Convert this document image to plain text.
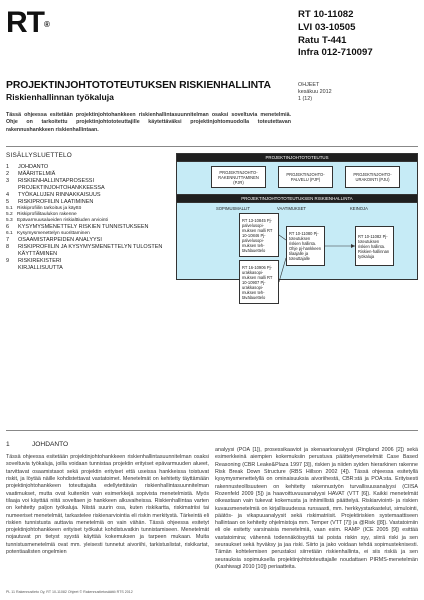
RT®
RT 10-11082
LVI 03-10505
Ratu T-441
Infra 012-710097
OHJEET
kesäkuu 2012
1 (12)
PROJEKTINJOHTOTOTEUTUKSEN RISKIENHALLINTA
Riskienhallinnan työkaluja
Tässä ohjeessa esitetään projektinjohtohankkeen riskienhallintasuunnitelman osaksi soveltuvia menetelmiä. Ohje on tarkoitettu projektinjohtototeuttajille käytettäväksi projektinjohtomuodolla toteutettavan rakennushankkeen riskienhallintaan.
SISÄLLYSLUETTELO
1	JOHDANTO
2	MÄÄRITELMIÄ
3	RISKIENHALLINTAPROSESSI
PROJEKTINJOHTOHANKKEESSA
4	TYÖKALUJEN RINNAKKAISUUS
5	RISKIPROFIILIN LAATIMINEN
5.1 Riskiprofiilin tarkoitus ja käyttö
5.2 Riskiprofiilitaulukon rakenne
5.3 Epävarmuusalueiden riskialttiuden arviointi
6	KYSYMYSMENETTELY RISKIEN TUNNISTUKSEEN
6.1 Kysymysmenettelyn suorittaminen
7	OSAAMISTARPEIDEN ANALYYSI
8	RISKIPROFIILIN JA KYSYMYSMENETTELYN TULOSTEN
KÄYTTÄMINEN
9	RISKIREKISTERI
KIRJALLISUUTTA
PROJEKTINJOHTOTOTEUTUS
PROJEKTINJOHTO-RAKENNUTTAMINEN (PJR)
PROJEKTINJOHTO-PALVELU (PJP)
PROJEKTINJOHTO-URAKOINTI (PJU)
PROJEKTINJOHTOTOTEUTUKSEN RISKIENHALLINTA
SOPIMUSMALLIT	VAATIMUKSET	KEINOJA
RT 13-10845 Pj-palvelusopi-muksen malli RT 10-10846 Pj-palvelusopi-muksen teh-tävälauettelo
RT 16-10906 Pj-urakkasopi-muksen malli RT 10-10907 Pj-urakkasopi-muksen teh-tävälauettelo
RT 10-11080 Pj-toteutuksen riskien hallinta. Ohje pj-hankkeen tilaajalle ja toteuttajalle
RT 10-11082 Pj-toteutuksen riskien hallinta. Riskien-hallinnan työkaluja
1	JOHDANTO
Tässä ohjeessa esitetään projektinjohtohankkeen riskienhallintasuunnitelman osaksi soveltuvia työkaluja, joilla voidaan tunnistaa projektin erityiset epävarmuuden alueet, tarvittavat osaamistasot sekä projektin erityiset että useissa hankkeissa toistuvat riskit, ja löytää näille kohdistettavat vastatoimet. Menetelmät on kehitetty täyttämään projektinjohtohankkeen toteuttajalta edellytettävän riskienhallintasuunnitelman vaatimukset, mutta ovat kuitenkin vain esimerkkejä sopivista menetelmistä. Myös tilaaja voi käyttää niitä soveltaen jo hankkeen alkuvaiheissa. Riskienhallintaa varten on kehitetty paljon työkaluja. Niistä suurin osa, kuten riskikartta, riskimatriisi tai numeeriset menetelmät, tarkastelee riskienarviointia eli riskin merkitystä. Tärkeintä eli riskien tunnistusta auttavia menetelmiä on vain vähän. Tässä ohjeessa esitetyt projektinjohtohankkeen erityiset työkalut kohdistuvatkin tunnistamiseen. Menetelmät nojautuvat pn tietyst syystä käyttää kokemuksen ja tarpeen mukaan. Muita tunnistusmenetelmiä ovat mm. yleisesti tunnetut aivoriihi, tarkistuslistat, riskikartat, potentiaalisten ongelmien
analyysi (POA [1]), prosessikaaviot ja skenaarioanalyysi (Ringland 2006 [2]) sekä esimerkkeinä aiempien kokemuksiin perustuva päättelymenetelmät Case Based Reasoning (CBR Leake&Plaza 1997 [3]), riskien ja niiden syiden hierarkinen rakenne Risk Break Down Structure (RBS Hillson 2002 [4]). Tässä ohjeessa esitetyllä kysymysmenettelyllä on ominaisuuksia aivoriihestä, CBR:stä ja POA:sta. Erityisesti rakennusteollisuuteen on kehitetty rakennustyön turvallisuusanalyysi (CIISA Rozenfeld 2009 [5]) ja haavoittuvuusanalyysi HAVAT (VTT [6]). Kaikki menetelmät oikeastaan vain tukevat kokemusta ja inhimillistä päättelyä. Riskiarviointi- ja riskien kuvausmenetelmiä on kirjallisuudessa runsaasti, mm. herkkyystarkastelut, simulointi, päätös- ja vikapuuanalyysit sekä riskimatriisit. Projektiriskien systemaattiseen hallintaan on kehitetty ohjelmistoja mm. Temper (VTT [7]) ja @Risk ([8]). Vastatoimiin eli ole esitetty varsinaisia menetelmiä, vaan esim. RAMP (ICE 2005 [9]) esittää vastatoimina; vähennä todennäköisyyttä tai poista riskin syy, siirrä riski ja sen seuraukset sekä hyväksy ja jaa riski. Siirto ja jako voidaan tehdä sopimusteknisesti. Tämän kohtelemisen perustaksi siirretään riskienhallinta, ei siis riskiä ja sen seurauksia sopimuksella projektinjohtototeuttajalle noudattaen PIRMS-menetelmän (Kashiwagi 2010 [10]) periaatteita.
PL 11 Rakennustieto Oy, RT 10-11082 Ohjeet © Rakennustietosäätiö RTS 2012
